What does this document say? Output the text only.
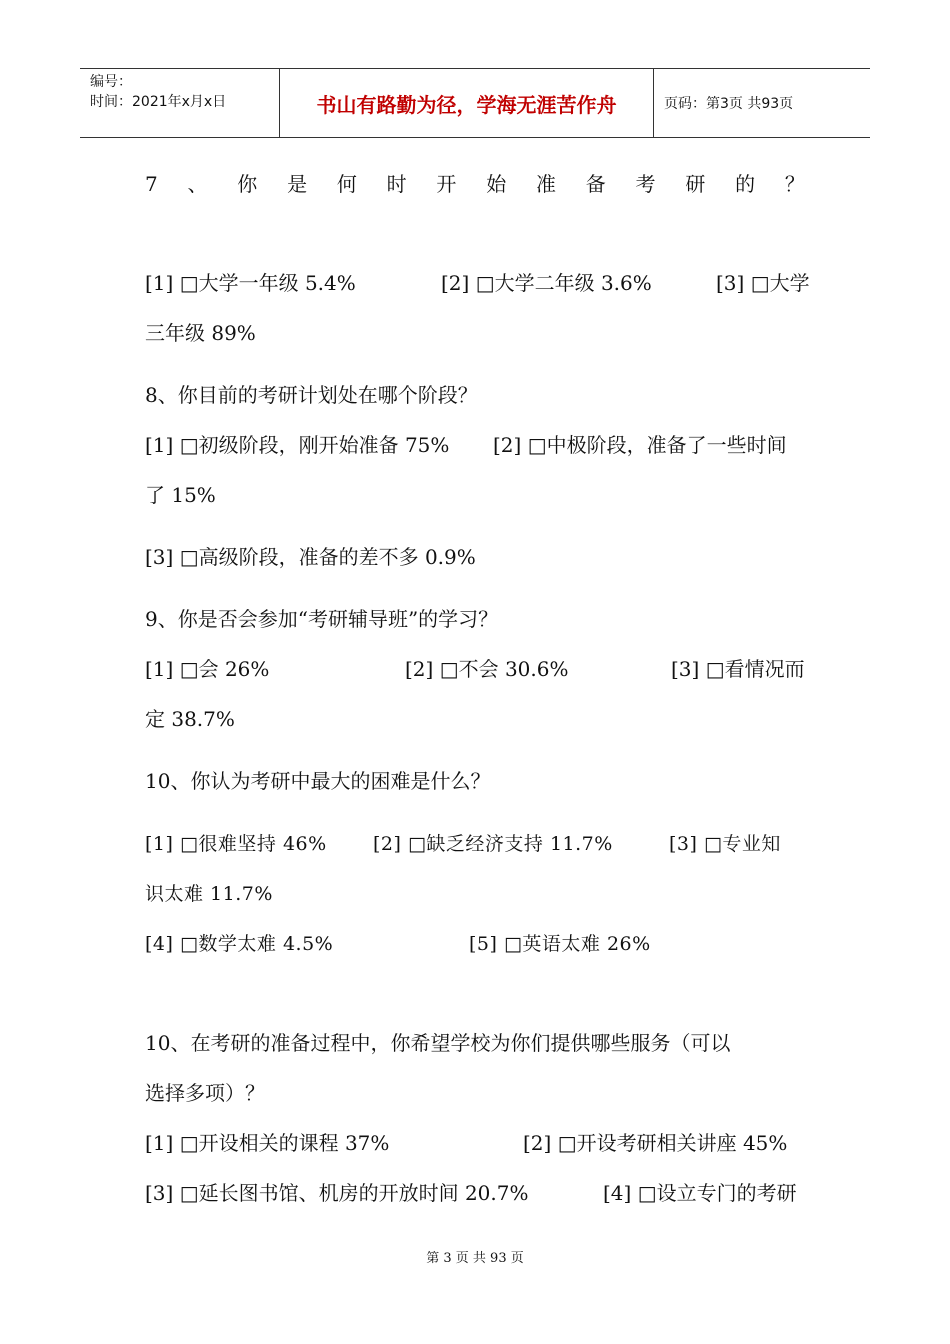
编号：
时间：2021年x月x日	书山有路勤为径，学海无涯苦作舟	页码：第3页 共93页
7 、 你 是 何 时 开 始 准 备 考 研 的 ？
[1] □大学一年级 5.4%	[2] □大学二年级 3.6%	[3] □大学
三年级 89%
8、你目前的考研计划处在哪个阶段？
[1] □初级阶段，刚开始准备 75% [2] □中极阶段，准备了一些时间
了 15%
[3] □高级阶段，准备的差不多 0.9%
9、你是否会参加“考研辅导班”的学习？
[1] □会 26%	[2] □不会 30.6%	[3] □看情况而
定 38.7%
10、你认为考研中最大的困难是什么？
[1] □很难坚持 46% [2] □缺乏经济支持 11.7%	[3] □专业知
识太难 11.7%
[4] □数学太难 4.5%	[5] □英语太难 26%
10、在考研的准备过程中，你希望学校为你们提供哪些服务（可以
选择多项）？
[1] □开设相关的课程 37%	[2] □开设考研相关讲座 45%
[3] □延长图书馆、机房的开放时间 20.7%	[4] □设立专门的考研
第 3 页 共 93 页
